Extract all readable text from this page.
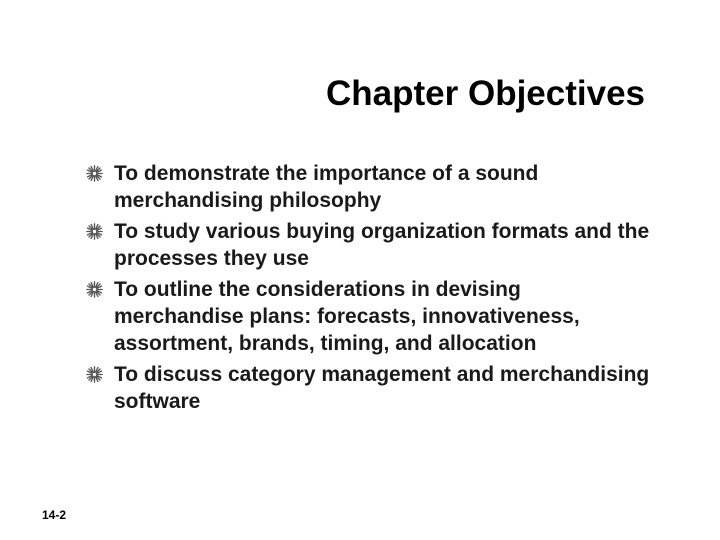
Chapter Objectives
To demonstrate the importance of a sound merchandising philosophy
To study various buying organization formats and the processes they use
To outline the considerations in devising merchandise plans: forecasts, innovativeness, assortment, brands, timing, and allocation
To discuss category management and merchandising software
14-2
